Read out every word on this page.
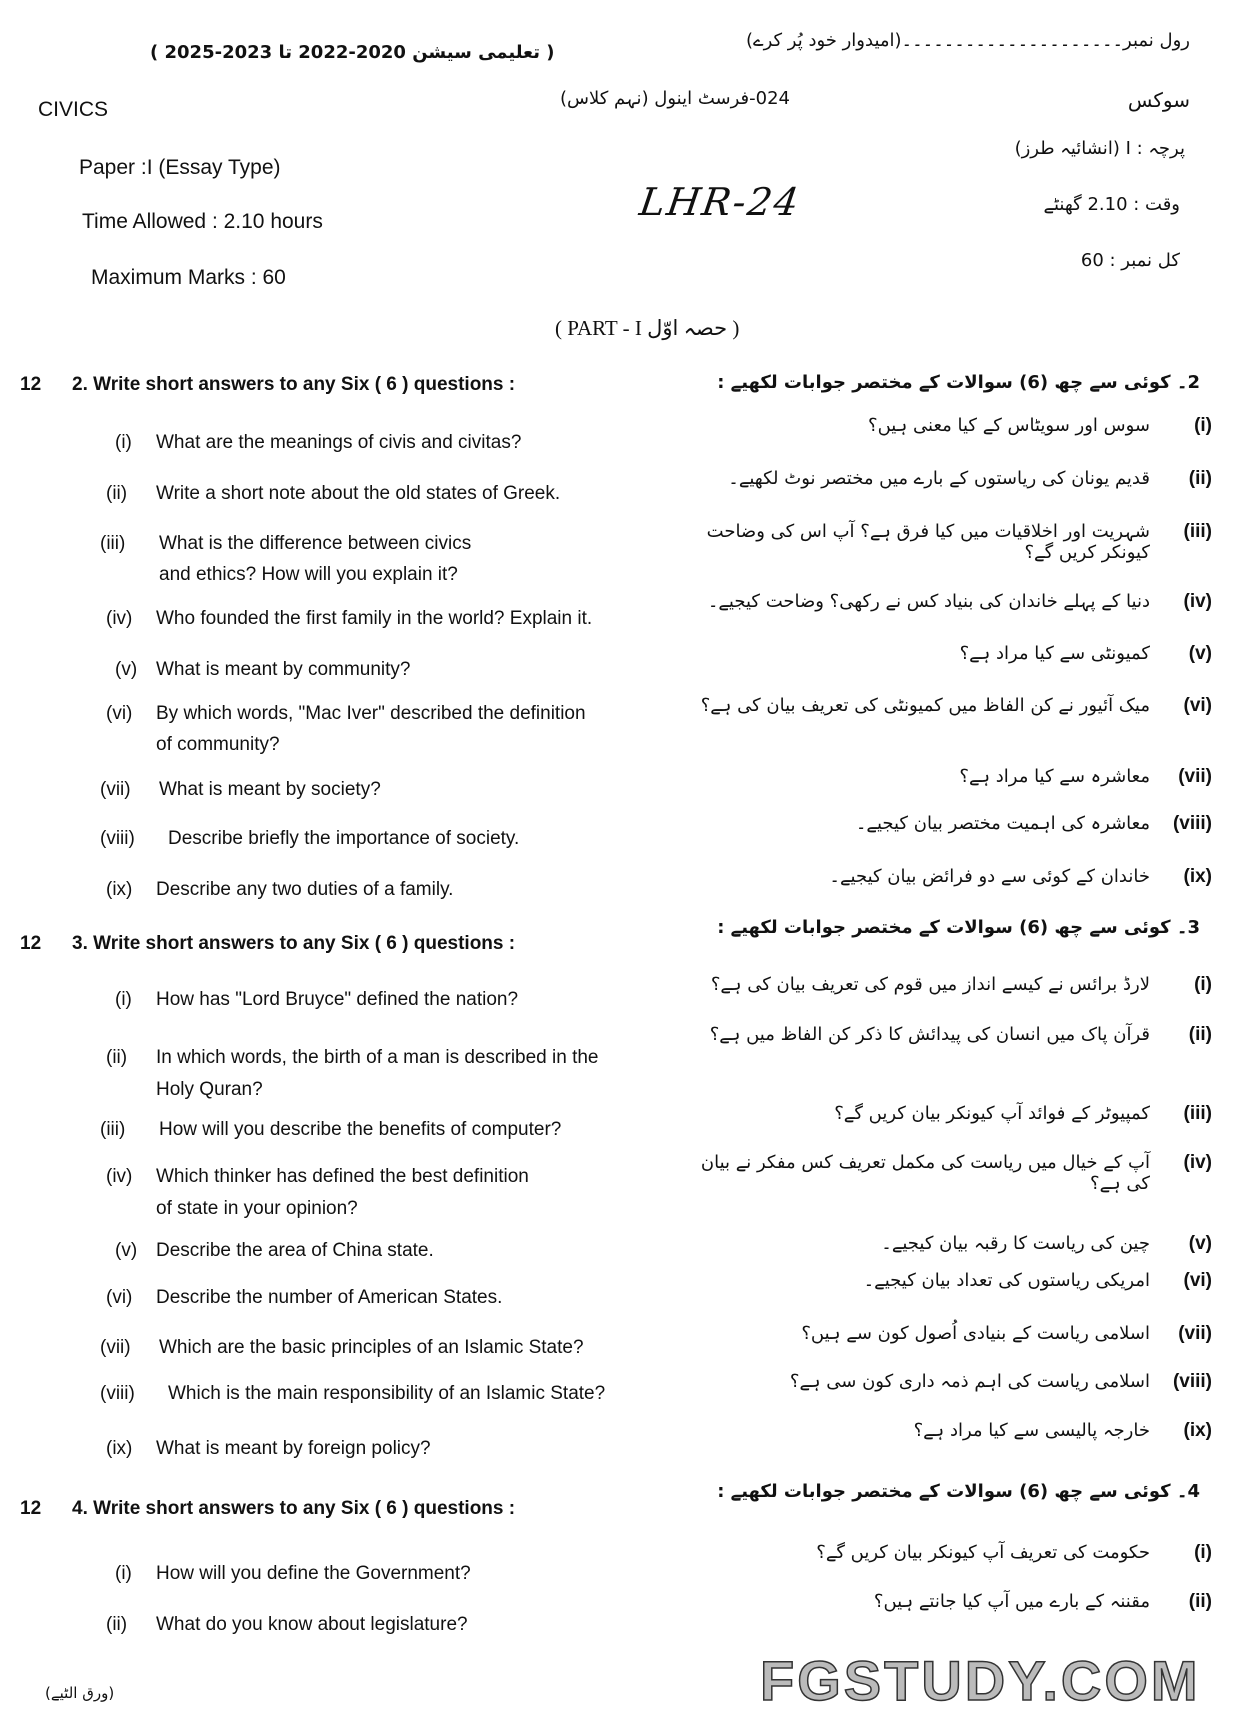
رول نمبر۔۔۔۔۔۔۔۔۔۔۔۔۔۔۔۔۔۔۔۔۔(امیدوار خود پُر کرے)
( تعلیمی سیشن 2020-2022 تا 2023-2025 )
CIVICS	سوکس
024-فرسٹ اینول (نہم کلاس)
Paper :I (Essay Type)
پرچہ : I (انشائیہ طرز)
LHR-24
Time Allowed : 2.10 hours
وقت : 2.10 گھنٹے
Maximum Marks : 60
کل نمبر : 60
( PART - I حصہ اوّل )
12 2. Write short answers to any Six ( 6 ) questions :	2۔ کوئی سے چھ (6) سوالات کے مختصر جوابات لکھیے :
(i) What are the meanings of civis and civitas?
سوس اور سویٹاس کے کیا معنی ہیں؟ (i)
(ii) Write a short note about the old states of Greek.
قدیم یونان کی ریاستوں کے بارے میں مختصر نوٹ لکھیے۔ (ii)
(iii) What is the difference between civics
and ethics? How will you explain it?
شہریت اور اخلاقیات میں کیا فرق ہے؟ آپ اس کی وضاحت کیونکر کریں گے؟
(iii)
(iv) Who founded the first family in the world? Explain it.
دنیا کے پہلے خاندان کی بنیاد کس نے رکھی؟ وضاحت کیجیے۔ (iv)
(v) What is meant by community?
کمیونٹی سے کیا مراد ہے؟ (v)
(vi) By which words, "Mac Iver" described the definition
of community?
میک آئیور نے کن الفاظ میں کمیونٹی کی تعریف بیان کی ہے؟ (vi)
(vii) What is meant by society?
معاشرہ سے کیا مراد ہے؟ (vii)
(viii) Describe briefly the importance of society.
معاشرہ کی اہمیت مختصر بیان کیجیے۔ (viii)
(ix) Describe any two duties of a family.
خاندان کے کوئی سے دو فرائض بیان کیجیے۔ (ix)
12 3. Write short answers to any Six ( 6 ) questions :
3۔ کوئی سے چھ (6) سوالات کے مختصر جوابات لکھیے :
(i) How has "Lord Bruyce" defined the nation?
لارڈ برائس نے کیسے انداز میں قوم کی تعریف بیان کی ہے؟ (i)
(ii) In which words, the birth of a man is described in the
Holy Quran?
قرآن پاک میں انسان کی پیدائش کا ذکر کن الفاظ میں ہے؟ (ii)
(iii) How will you describe the benefits of computer?
کمپیوٹر کے فوائد آپ کیونکر بیان کریں گے؟ (iii)
(iv) Which thinker has defined the best definition
of state in your opinion?
آپ کے خیال میں ریاست کی مکمل تعریف کس مفکر نے بیان کی ہے؟
(iv)
(v) Describe the area of China state.	چین کی ریاست کا رقبہ بیان کیجیے۔ (v)
(vi) Describe the number of American States.
امریکی ریاستوں کی تعداد بیان کیجیے۔ (vi)
(vii) Which are the basic principles of an Islamic State?
اسلامی ریاست کے بنیادی اُصول کون سے ہیں؟ (vii)
(viii) Which is the main responsibility of an Islamic State?
اسلامی ریاست کی اہم ذمہ داری کون سی ہے؟ (viii)
(ix) What is meant by foreign policy?
خارجہ پالیسی سے کیا مراد ہے؟ (ix)
12 4. Write short answers to any Six ( 6 ) questions :
4۔ کوئی سے چھ (6) سوالات کے مختصر جوابات لکھیے :
(i) How will you define the Government?
حکومت کی تعریف آپ کیونکر بیان کریں گے؟ (i)
(ii) What do you know about legislature?
مقننہ کے بارے میں آپ کیا جانتے ہیں؟ (ii)
(ورق الٹیے)	FGSTUDY.COM
